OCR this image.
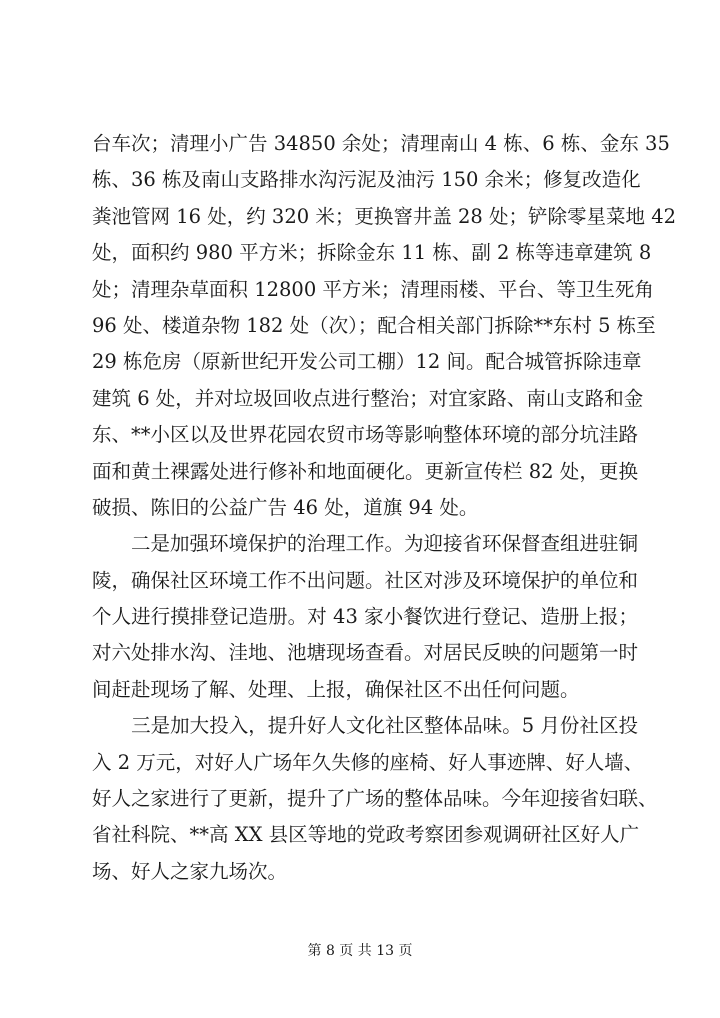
台车次；清理小广告 34850 余处；清理南山 4 栋、6 栋、金东 35
栋、36 栋及南山支路排水沟污泥及油污 150 余米；修复改造化
粪池管网 16 处，约 320 米；更换窨井盖 28 处；铲除零星菜地 42
处，面积约 980 平方米；拆除金东 11 栋、副 2 栋等违章建筑 8
处；清理杂草面积 12800 平方米；清理雨楼、平台、等卫生死角
96 处、楼道杂物 182 处（次）；配合相关部门拆除**东村 5 栋至
29 栋危房（原新世纪开发公司工棚）12 间。配合城管拆除违章
建筑 6 处，并对垃圾回收点进行整治；对宜家路、南山支路和金
东、**小区以及世界花园农贸市场等影响整体环境的部分坑洼路
面和黄土裸露处进行修补和地面硬化。更新宣传栏 82 处，更换
破损、陈旧的公益广告 46 处，道旗 94 处。
　　二是加强环境保护的治理工作。为迎接省环保督查组进驻铜
陵，确保社区环境工作不出问题。社区对涉及环境保护的单位和
个人进行摸排登记造册。对 43 家小餐饮进行登记、造册上报；
对六处排水沟、洼地、池塘现场查看。对居民反映的问题第一时
间赶赴现场了解、处理、上报，确保社区不出任何问题。
　　三是加大投入，提升好人文化社区整体品味。5 月份社区投
入 2 万元，对好人广场年久失修的座椅、好人事迹牌、好人墙、
好人之家进行了更新，提升了广场的整体品味。今年迎接省妇联、
省社科院、**高 XX 县区等地的党政考察团参观调研社区好人广
场、好人之家九场次。
第 8 页 共 13 页
